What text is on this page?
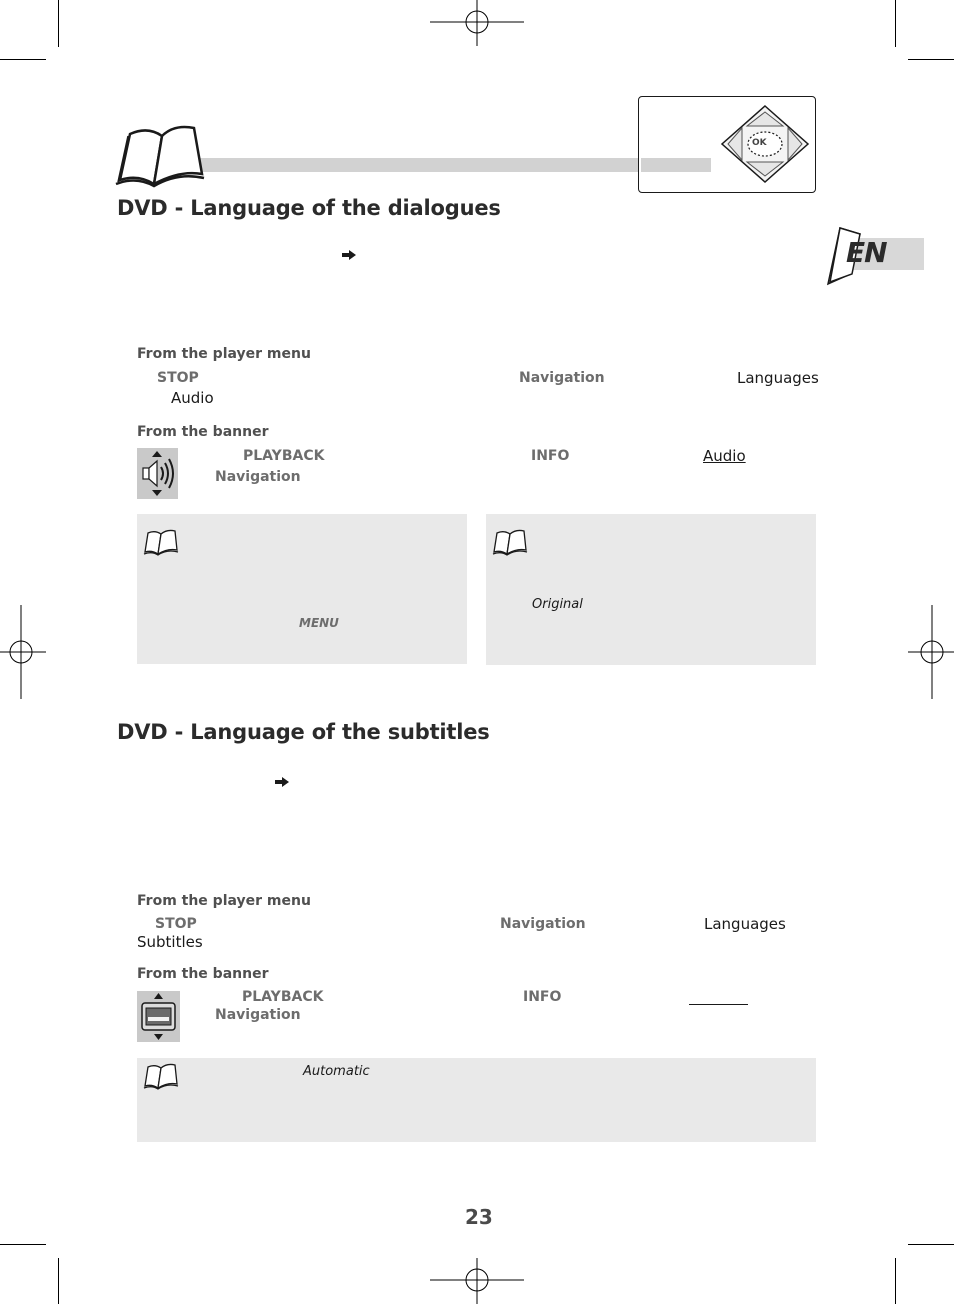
OK
EN
DVD - Language of the dialogues
From the player menu
STOP	Navigation	Languages
Audio
From the banner
PLAYBACK	INFO	Audio
Navigation
MENU
Original
DVD - Language of the subtitles
From the player menu
STOP	Navigation	Languages
Subtitles
From the banner
PLAYBACK	INFO
Navigation
Automatic
23
